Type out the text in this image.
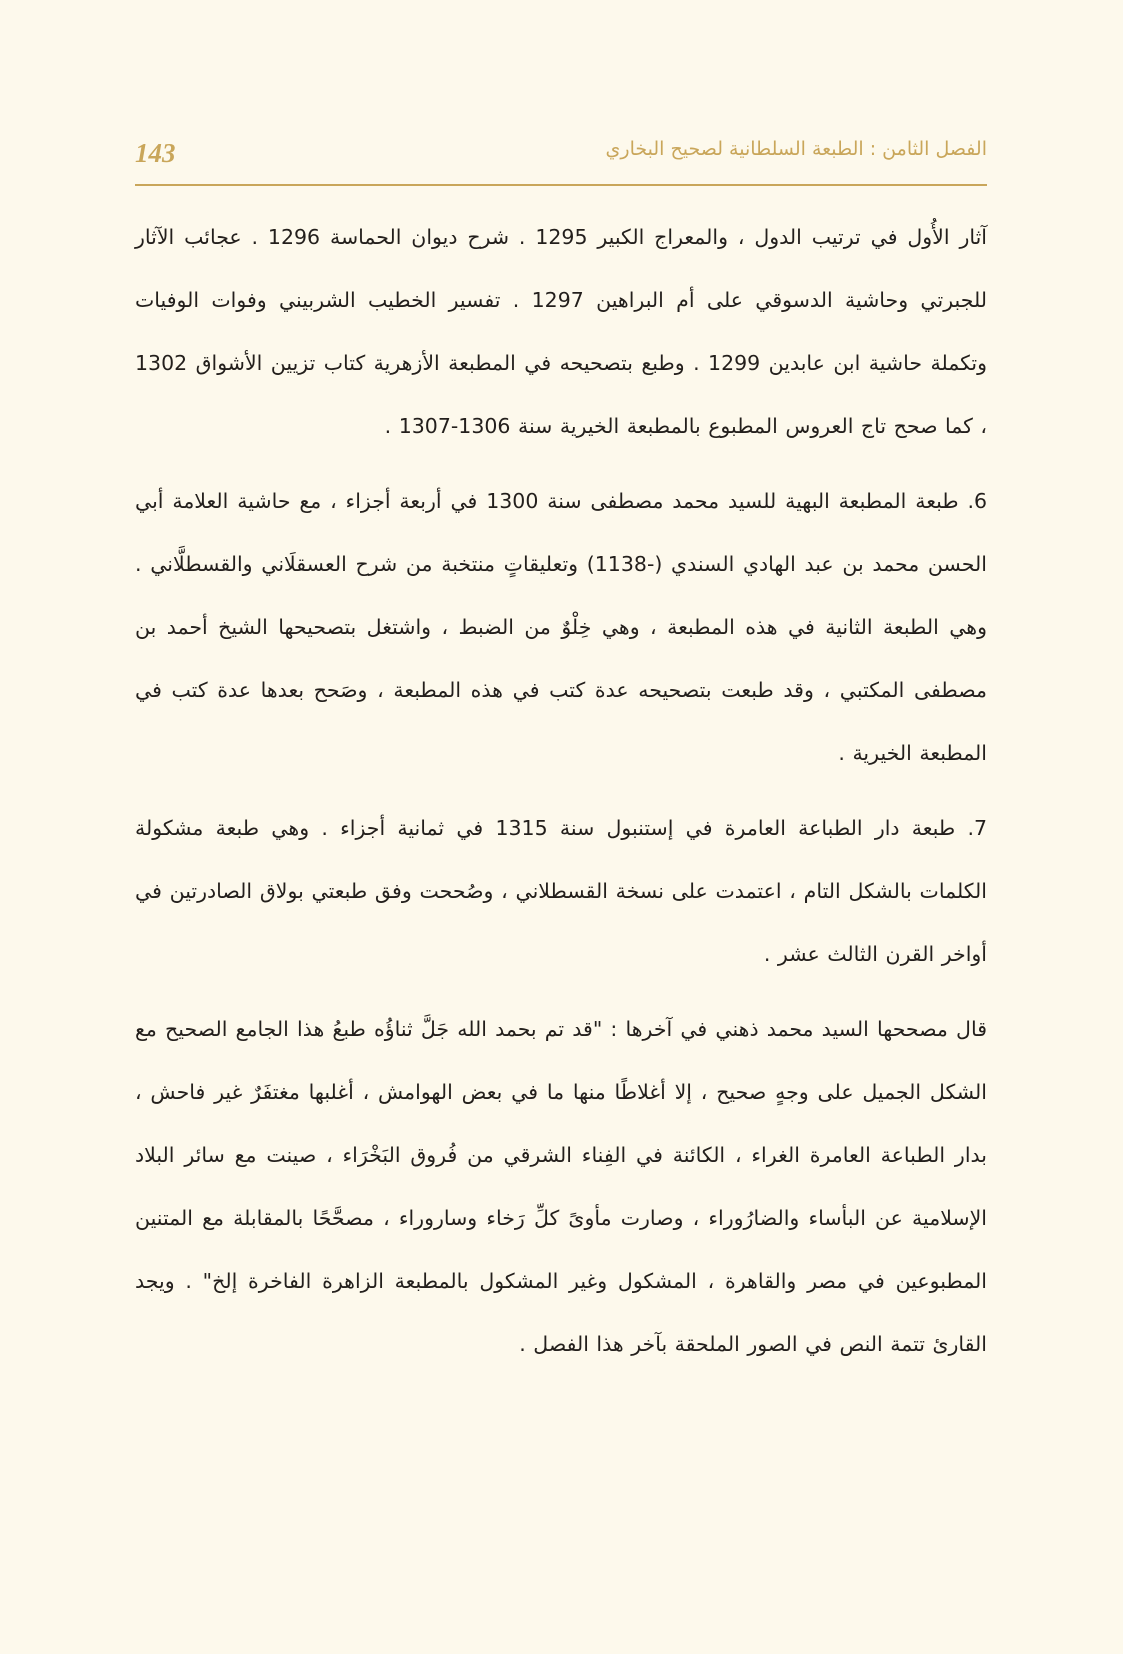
143	الفصل الثامن : الطبعة السلطانية لصحيح البخاري

آثار الأُول في ترتيب الدول ، والمعراج الكبير 1295 . شرح ديوان الحماسة 1296 . عجائب الآثار للجبرتي وحاشية الدسوقي على أم البراهين 1297 . تفسير الخطيب الشربيني وفوات الوفيات وتكملة حاشية ابن عابدين 1299 . وطبع بتصحيحه في المطبعة الأزهرية كتاب تزيين الأشواق 1302 ، كما صحح تاج العروس المطبوع بالمطبعة الخيرية سنة 1306-1307 .

6. طبعة المطبعة البهية للسيد محمد مصطفى سنة 1300 في أربعة أجزاء ، مع حاشية العلامة أبي الحسن محمد بن عبد الهادي السندي (-1138) وتعليقاتٍ منتخبة من شرح العسقلَاني والقسطلَّاني . وهي الطبعة الثانية في هذه المطبعة ، وهي خِلْوٌ من الضبط ، واشتغل بتصحيحها الشيخ أحمد بن مصطفى المكتبي ، وقد طبعت بتصحيحه عدة كتب في هذه المطبعة ، وصَحح بعدها عدة كتب في المطبعة الخيرية .

7. طبعة دار الطباعة العامرة في إستنبول سنة 1315 في ثمانية أجزاء . وهي طبعة مشكولة الكلمات بالشكل التام ، اعتمدت على نسخة القسطلاني ، وصُححت وفق طبعتي بولاق الصادرتين في أواخر القرن الثالث عشر .

قال مصححها السيد محمد ذهني في آخرها : "قد تم بحمد الله جَلَّ ثناؤُه طبعُ هذا الجامع الصحيح مع الشكل الجميل على وجهٍ صحيح ، إلا أغلاطًا منها ما في بعض الهوامش ، أغلبها مغتفَرٌ غير فاحش ، بدار الطباعة العامرة الغراء ، الكائنة في الفِناء الشرقي من فُروق البَخْرَاء ، صينت مع سائر البلاد الإسلامية عن البأساء والضارُوراء ، وصارت مأوىً كلِّ رَخاء وساروراء ، مصحَّحًا بالمقابلة مع المتنين المطبوعين في مصر والقاهرة ، المشكول وغير المشكول بالمطبعة الزاهرة الفاخرة إلخ" . ويجد القارئ تتمة النص في الصور الملحقة بآخر هذا الفصل .
